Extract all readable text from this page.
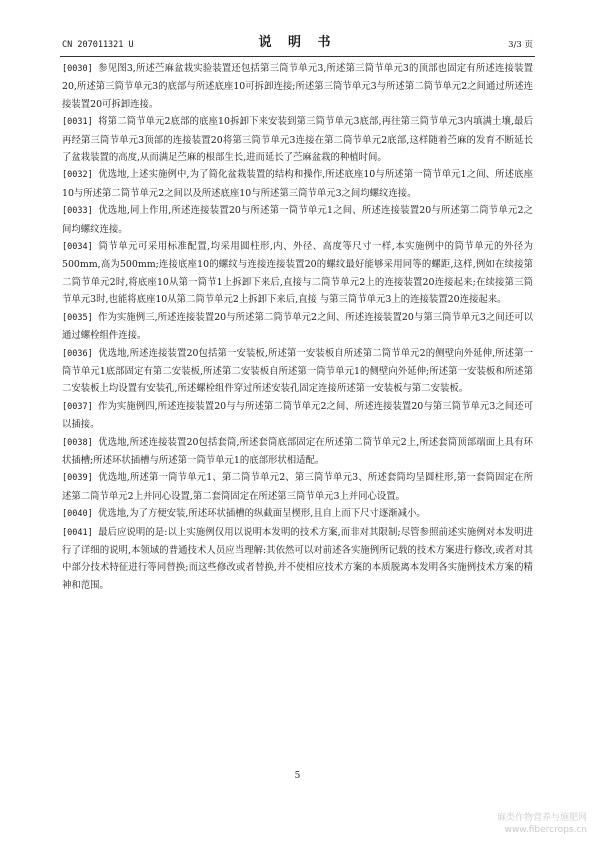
CN 207011321 U	说 明 书	3/3 页

[0030] 参见图3,所述苎麻盆栽实验装置还包括第三筒节单元3,所述第三筒节单元3的顶部也固定有所述连接装置20,所述第三筒节单元3的底部与所述底座10可拆卸连接;所述第三筒节单元3与所述第二筒节单元2之间通过所述连接装置20可拆卸连接。

[0031] 将第二筒节单元2底部的底座10拆卸下来安装到第三筒节单元3底部,再往第三筒节单元3内填满土壤,最后再经第三筒节单元3顶部的连接装置20将第三筒节单元3连接在第二筒节单元2底部,这样随着苎麻的发育不断延长了盆栽装置的高度,从而满足苎麻的根部生长,进而延长了苎麻盆栽的种植时间。

[0032] 优选地,上述实施例中,为了简化盆栽装置的结构和操作,所述底座10与所述第一筒节单元1之间、所述底座10与所述第二筒节单元2之间以及所述底座10与所述第三筒节单元3之间均螺纹连接。

[0033] 优选地,同上作用,所述连接装置20与所述第一筒节单元1之间、所述连接装置20与所述第二筒节单元2之间均螺纹连接。

[0034] 筒节单元可采用标准配置,均采用圆柱形,内、外径、高度等尺寸一样,本实施例中的筒节单元的外径为500mm,高为500mm;连接底座10的螺纹与连接连接装置20的螺纹最好能够采用同等的螺距,这样,例如在续接第二筒节单元2时,将底座10从第一筒节1上拆卸下来后,直接与二筒节单元2上的连接装置20连接起来;在续接第三筒节单元3时,也能将底座10从第二筒节单元2上拆卸下来后,直接 与第三筒节单元3上的连接装置20连接起来。

[0035] 作为实施例三,所述连接装置20与所述第二筒节单元2之间、所述连接装置20与第三筒节单元3之间还可以通过螺栓组件连接。

[0036] 优选地,所述连接装置20包括第一安装板,所述第一安装板自所述第二筒节单元2的侧壁向外延伸,所述第一筒节单元1底部固定有第二安装板,所述第二安装板自所述第一筒节单元1的侧壁向外延伸;所述第一安装板和所述第二安装板上均设置有安装孔,所述螺栓组件穿过所述安装孔固定连接所述第一安装板与第二安装板。

[0037] 作为实施例四,所述连接装置20与与所述第二筒节单元2之间、所述连接装置20与第三筒节单元3之间还可以插接。

[0038] 优选地,所述连接装置20包括套筒,所述套筒底部固定在所述第二筒节单元2上,所述套筒顶部端面上具有环状插槽;所述环状插槽与所述第一筒节单元1的底部形状相适配。

[0039] 优选地,所述第一筒节单元1、第二筒节单元2、第三筒节单元3、所述套筒均呈圆柱形,第一套筒固定在所述第二筒节单元2上并同心设置,第二套筒固定在所述第三筒节单元3上并同心设置。

[0040] 优选地,为了方便安装,所述环状插槽的纵截面呈楔形,且自上而下尺寸逐渐减小。

[0041] 最后应说明的是:以上实施例仅用以说明本发明的技术方案,而非对其限制;尽管参照前述实施例对本发明进行了详细的说明,本领域的普通技术人员应当理解:其依然可以对前述各实施例所记载的技术方案进行修改,或者对其中部分技术特征进行等同替换;而这些修改或者替换,并不使相应技术方案的本质脱离本发明各实施例技术方案的精神和范围。

5
麻类作物营养与施肥网
www.fibercrops.cn
